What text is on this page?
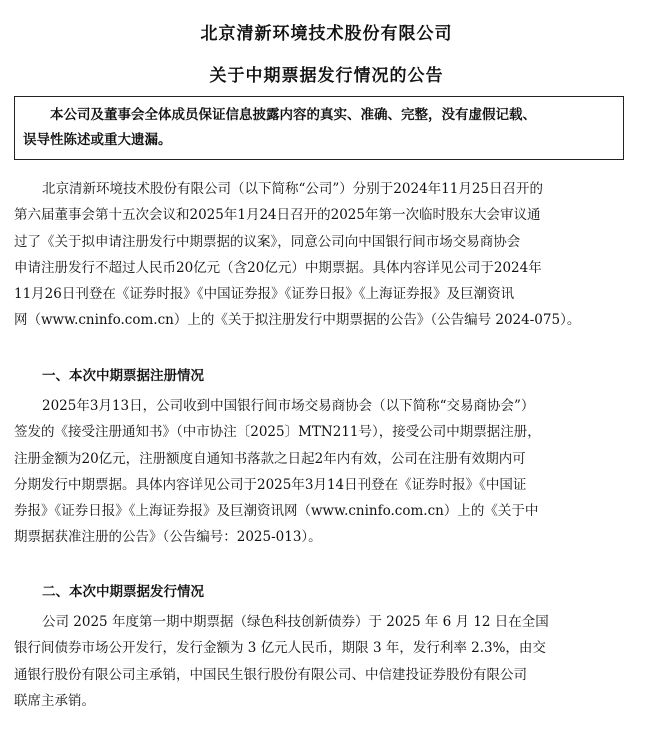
北京清新环境技术股份有限公司
关于中期票据发行情况的公告
本公司及董事会全体成员保证信息披露内容的真实、准确、完整，没有虚假记载、
误导性陈述或重大遗漏。
北京清新环境技术股份有限公司（以下简称“公司”）分别于2024年11月25日召开的
第六届董事会第十五次会议和2025年1月24日召开的2025年第一次临时股东大会审议通
过了《关于拟申请注册发行中期票据的议案》，同意公司向中国银行间市场交易商协会
申请注册发行不超过人民币20亿元（含20亿元）中期票据。具体内容详见公司于2024年
11月26日刊登在《证券时报》《中国证券报》《证券日报》《上海证券报》及巨潮资讯
网（www.cninfo.com.cn）上的《关于拟注册发行中期票据的公告》（公告编号 2024-075）。
一、本次中期票据注册情况
2025年3月13日，公司收到中国银行间市场交易商协会（以下简称“交易商协会”）
签发的《接受注册通知书》（中市协注〔2025〕MTN211号），接受公司中期票据注册，
注册金额为20亿元，注册额度自通知书落款之日起2年内有效，公司在注册有效期内可
分期发行中期票据。具体内容详见公司于2025年3月14日刊登在《证券时报》《中国证
券报》《证券日报》《上海证券报》及巨潮资讯网（www.cninfo.com.cn）上的《关于中
期票据获准注册的公告》（公告编号：2025-013）。
二、本次中期票据发行情况
公司 2025 年度第一期中期票据（绿色科技创新债券）于 2025 年 6 月 12 日在全国
银行间债券市场公开发行，发行金额为 3 亿元人民币，期限 3 年，发行利率 2.3%，由交
通银行股份有限公司主承销，中国民生银行股份有限公司、中信建投证券股份有限公司
联席主承销。
